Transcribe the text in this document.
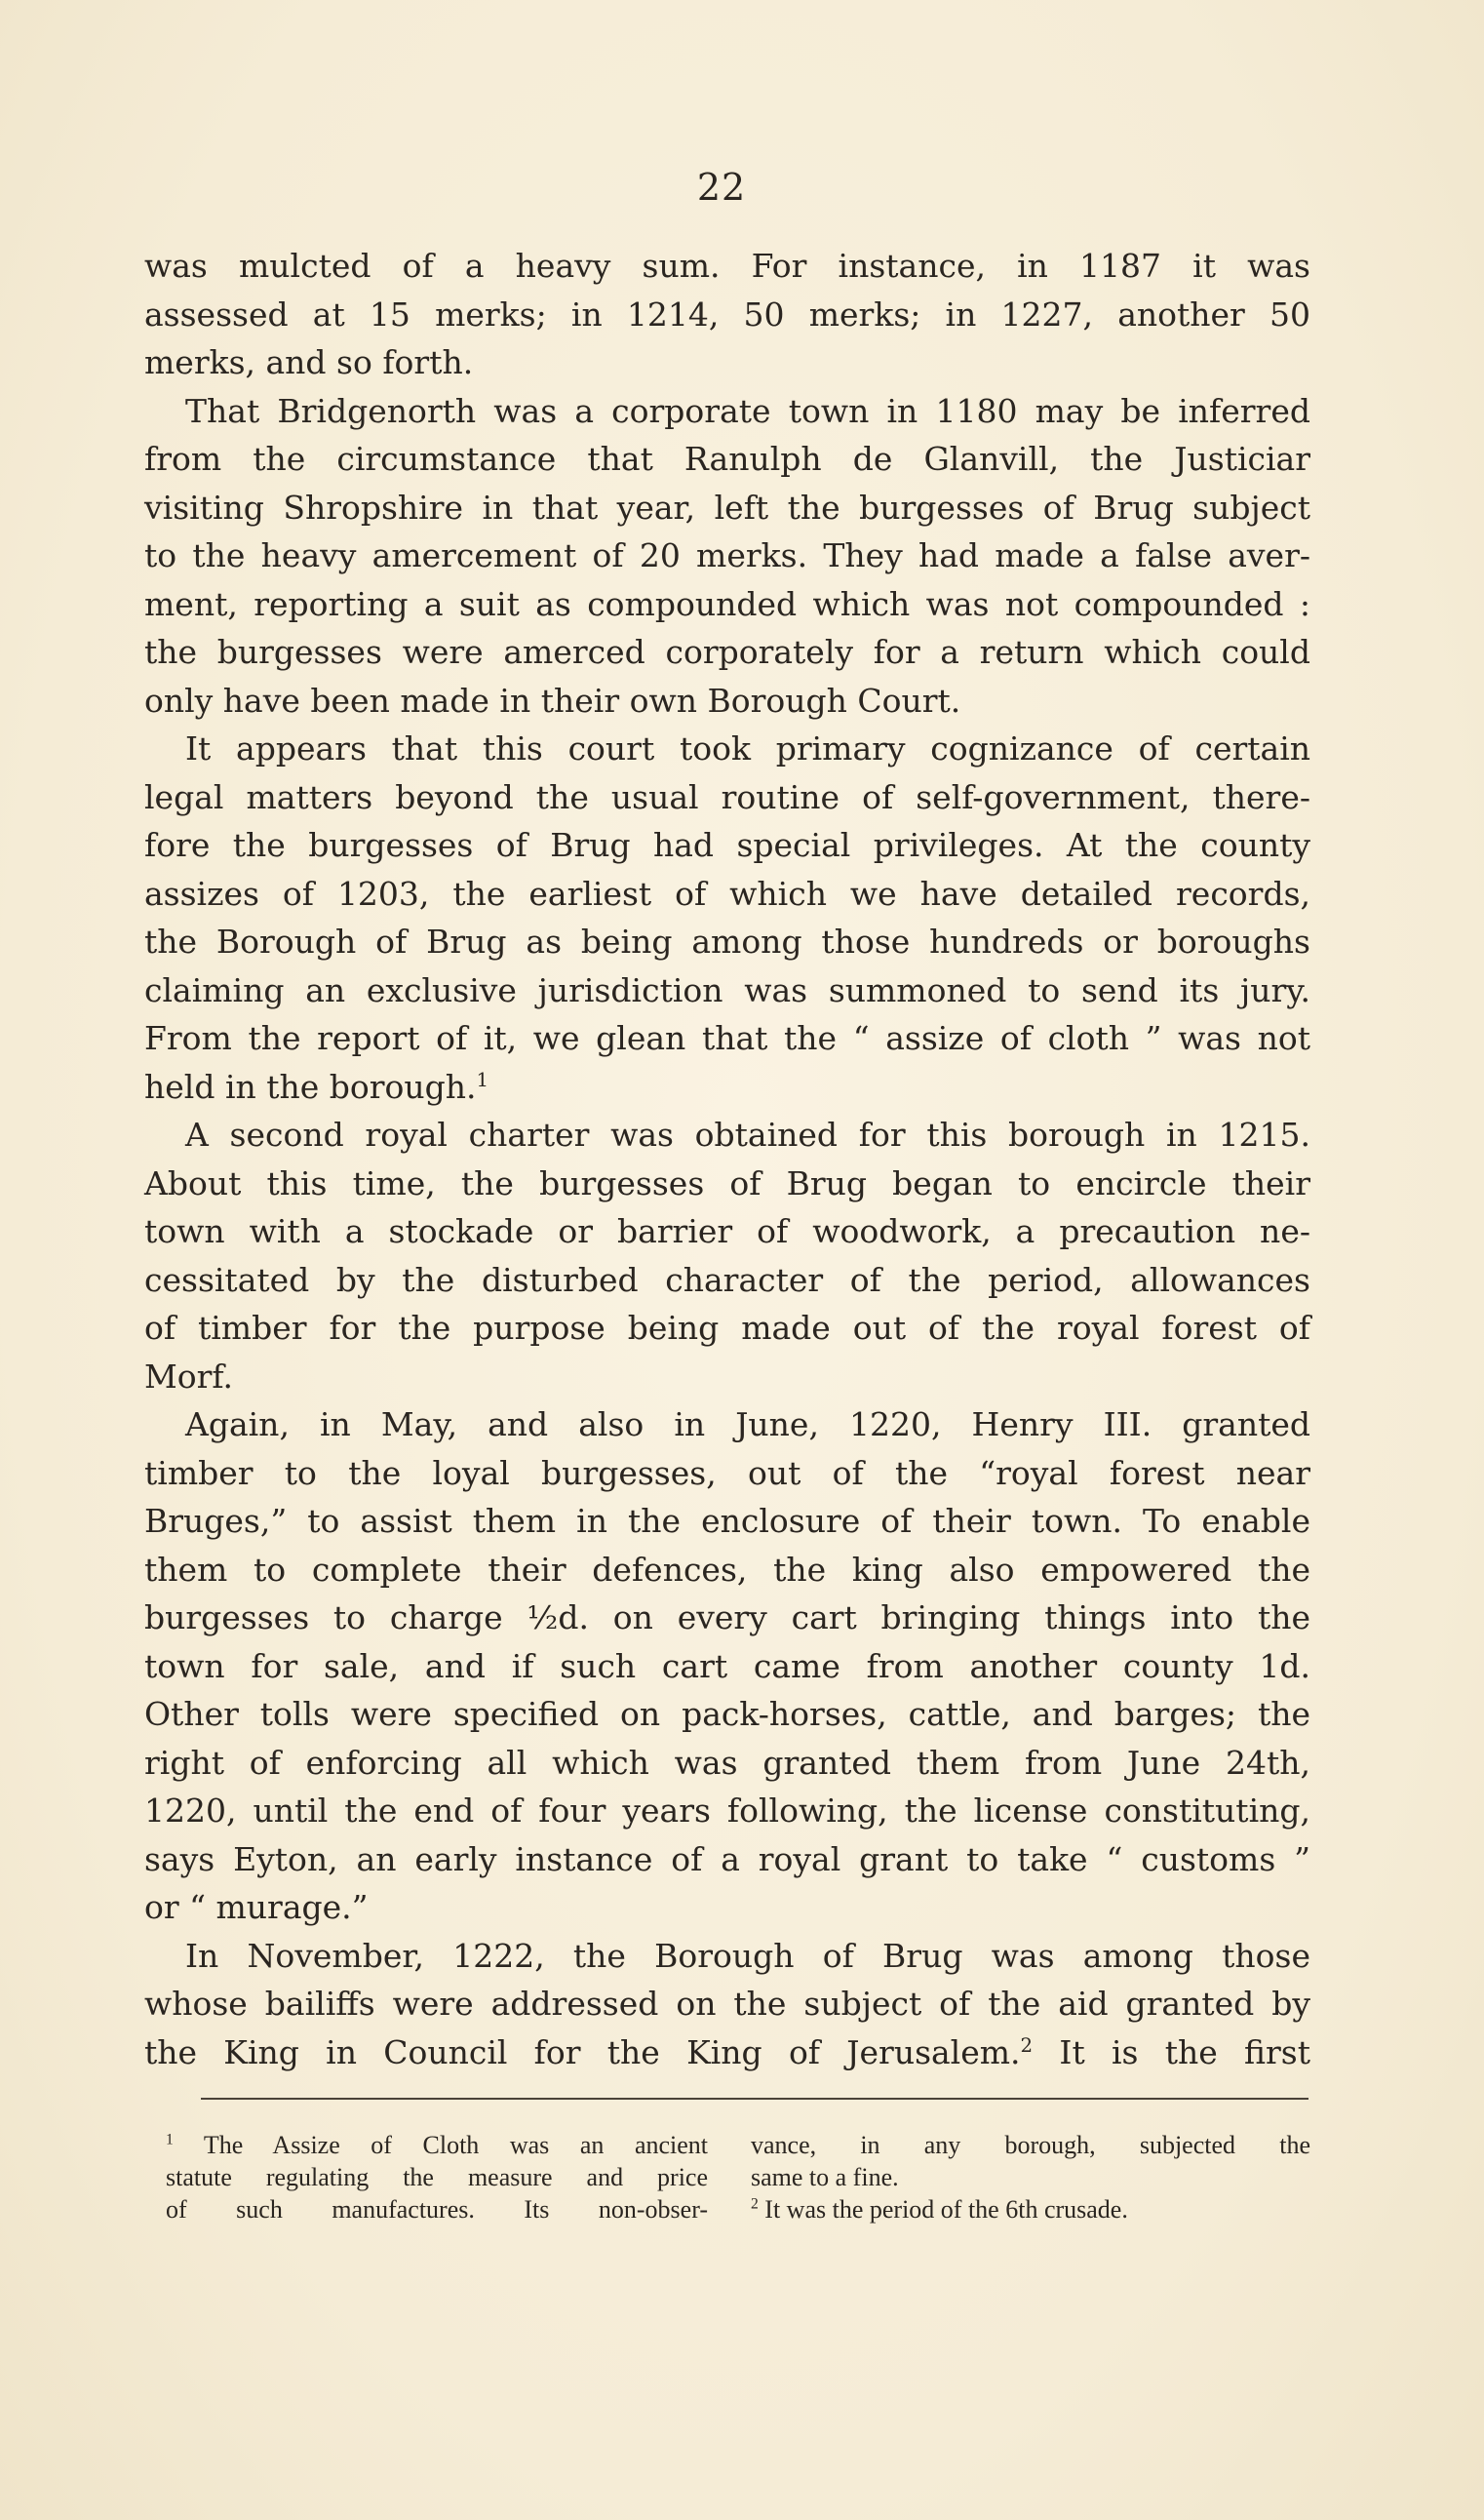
22
was mulcted of a heavy sum. For instance, in 1187 it was
assessed at 15 merks; in 1214, 50 merks; in 1227, another 50
merks, and so forth.
That Bridgenorth was a corporate town in 1180 may be inferred
from the circumstance that Ranulph de Glanvill, the Justiciar
visiting Shropshire in that year, left the burgesses of Brug subject
to the heavy amercement of 20 merks. They had made a false aver-
ment, reporting a suit as compounded which was not compounded :
the burgesses were amerced corporately for a return which could
only have been made in their own Borough Court.
It appears that this court took primary cognizance of certain
legal matters beyond the usual routine of self-government, there-
fore the burgesses of Brug had special privileges. At the county
assizes of 1203, the earliest of which we have detailed records,
the Borough of Brug as being among those hundreds or boroughs
claiming an exclusive jurisdiction was summoned to send its jury.
From the report of it, we glean that the “ assize of cloth ” was not
held in the borough.$^1$
A second royal charter was obtained for this borough in 1215.
About this time, the burgesses of Brug began to encircle their
town with a stockade or barrier of woodwork, a precaution ne-
cessitated by the disturbed character of the period, allowances
of timber for the purpose being made out of the royal forest of
Morf.
Again, in May, and also in June, 1220, Henry III. granted
timber to the loyal burgesses, out of the “royal forest near
Bruges,” to assist them in the enclosure of their town. To enable
them to complete their defences, the king also empowered the
burgesses to charge ½d. on every cart bringing things into the
town for sale, and if such cart came from another county 1d.
Other tolls were specified on pack-horses, cattle, and barges; the
right of enforcing all which was granted them from June 24th,
1220, until the end of four years following, the license constituting,
says Eyton, an early instance of a royal grant to take “ customs ”
or “ murage.”
In November, 1222, the Borough of Brug was among those
whose bailiffs were addressed on the subject of the aid granted by
the King in Council for the King of Jerusalem.$^2$ It is the first
$^1$ The Assize of Cloth was an ancient
statute regulating the measure and price
of such manufactures. Its non-obser-
vance, in any borough, subjected the
same to a fine.
$^2$ It was the period of the 6th crusade.
